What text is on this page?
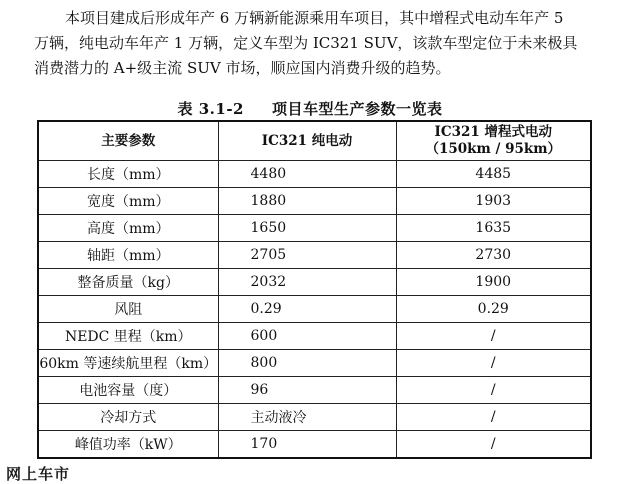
本项目建成后形成年产 6 万辆新能源乘用车项目，其中增程式电动车年产 5
万辆，纯电动车年产 1 万辆，定义车型为 IC321 SUV，该款车型定位于未来极具
消费潜力的 A+级主流 SUV 市场，顺应国内消费升级的趋势。
表 3.1-2 项目车型生产参数一览表
主要参数	IC321 纯电动	IC321 增程式电动
（150km / 95km）
长度（mm）	4480	4485
宽度（mm）	1880	1903
高度（mm）	1650	1635
轴距（mm）	2705	2730
整备质量（kg）	2032	1900
风阻	0.29	0.29
NEDC 里程（km）	600	/
60km 等速续航里程（km）	800	/
电池容量（度）	96	/
冷却方式	主动液冷	/
峰值功率（kW）	170	/
网上车市
